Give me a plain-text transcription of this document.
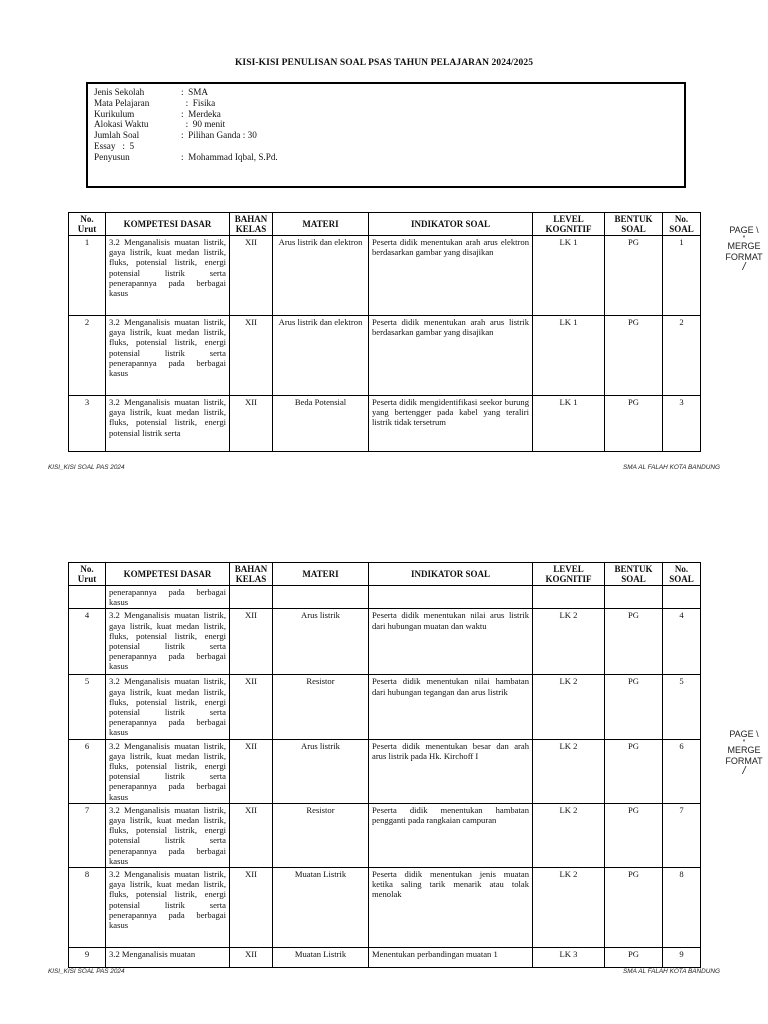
KISI-KISI PENULISAN SOAL PSAS TAHUN PELAJARAN 2024/2025
Jenis Sekolah	: SMA
Mata Pelajaran	: Fisika
Kurikulum	: Merdeka
Alokasi Waktu	: 90 menit
Jumlah Soal	: Pilihan Ganda : 30
Essay   :  5
Penyusun	: Mohammad Iqbal, S.Pd.
No. Urut	KOMPETESI DASAR	BAHAN KELAS	MATERI	INDIKATOR SOAL	LEVEL KOGNITIF	BENTUK SOAL	No. SOAL
1	3.2 Menganalisis muatan listrik, gaya listrik, kuat medan listrik, fluks, potensial listrik, energi potensial listrik serta penerapannya pada berbagai kasus	XII	Arus listrik dan elektron	Peserta didik menentukan arah arus elektron berdasarkan gambar yang disajikan	LK 1	PG	1
2	3.2 Menganalisis muatan listrik, gaya listrik, kuat medan listrik, fluks, potensial listrik, energi potensial listrik serta penerapannya pada berbagai kasus	XII	Arus listrik dan elektron	Peserta didik menentukan arah arus listrik berdasarkan gambar yang disajikan	LK 1	PG	2
3	3.2 Menganalisis muatan listrik, gaya listrik, kuat medan listrik, fluks, potensial listrik, energi potensial listrik serta	XII	Beda Potensial	Peserta didik mengidentifikasi seekor burung yang bertengger pada kabel yang teraliri listrik tidak tersetrum	LK 1	PG	3
KISI_KISI SOAL PAS 2024	SMA AL FALAH KOTA BANDUNG
PAGE \
*
MERGE
FORMAT
/
No. Urut	KOMPETESI DASAR	BAHAN KELAS	MATERI	INDIKATOR SOAL	LEVEL KOGNITIF	BENTUK SOAL	No. SOAL
	penerapannya pada berbagai kasus						
4	3.2 Menganalisis muatan listrik, gaya listrik, kuat medan listrik, fluks, potensial listrik, energi potensial listrik serta penerapannya pada berbagai kasus	XII	Arus listrik	Peserta didik menentukan nilai arus listrik dari hubungan muatan dan waktu	LK 2	PG	4
5	3.2 Menganalisis muatan listrik, gaya listrik, kuat medan listrik, fluks, potensial listrik, energi potensial listrik serta penerapannya pada berbagai kasus	XII	Resistor	Peserta didik menentukan nilai hambatan dari hubungan tegangan dan arus listrik	LK 2	PG	5
6	3.2 Menganalisis muatan listrik, gaya listrik, kuat medan listrik, fluks, potensial listrik, energi potensial listrik serta penerapannya pada berbagai kasus	XII	Arus listrik	Peserta didik menentukan besar dan arah arus listrik pada Hk. Kirchoff I	LK 2	PG	6
7	3.2 Menganalisis muatan listrik, gaya listrik, kuat medan listrik, fluks, potensial listrik, energi potensial listrik serta penerapannya pada berbagai kasus	XII	Resistor	Peserta didik menentukan hambatan pengganti pada rangkaian campuran	LK 2	PG	7
8	3.2 Menganalisis muatan listrik, gaya listrik, kuat medan listrik, fluks, potensial listrik, energi potensial listrik serta penerapannya pada berbagai kasus	XII	Muatan Listrik	Peserta didik menentukan jenis muatan ketika saling tarik menarik atau tolak menolak	LK 2	PG	8
9	3.2 Menganalisis muatan	XII	Muatan Listrik	Menentukan perbandingan muatan 1	LK 3	PG	9
KISI_KISI SOAL PAS 2024	SMA AL FALAH KOTA BANDUNG
PAGE \
*
MERGE
FORMAT
/
